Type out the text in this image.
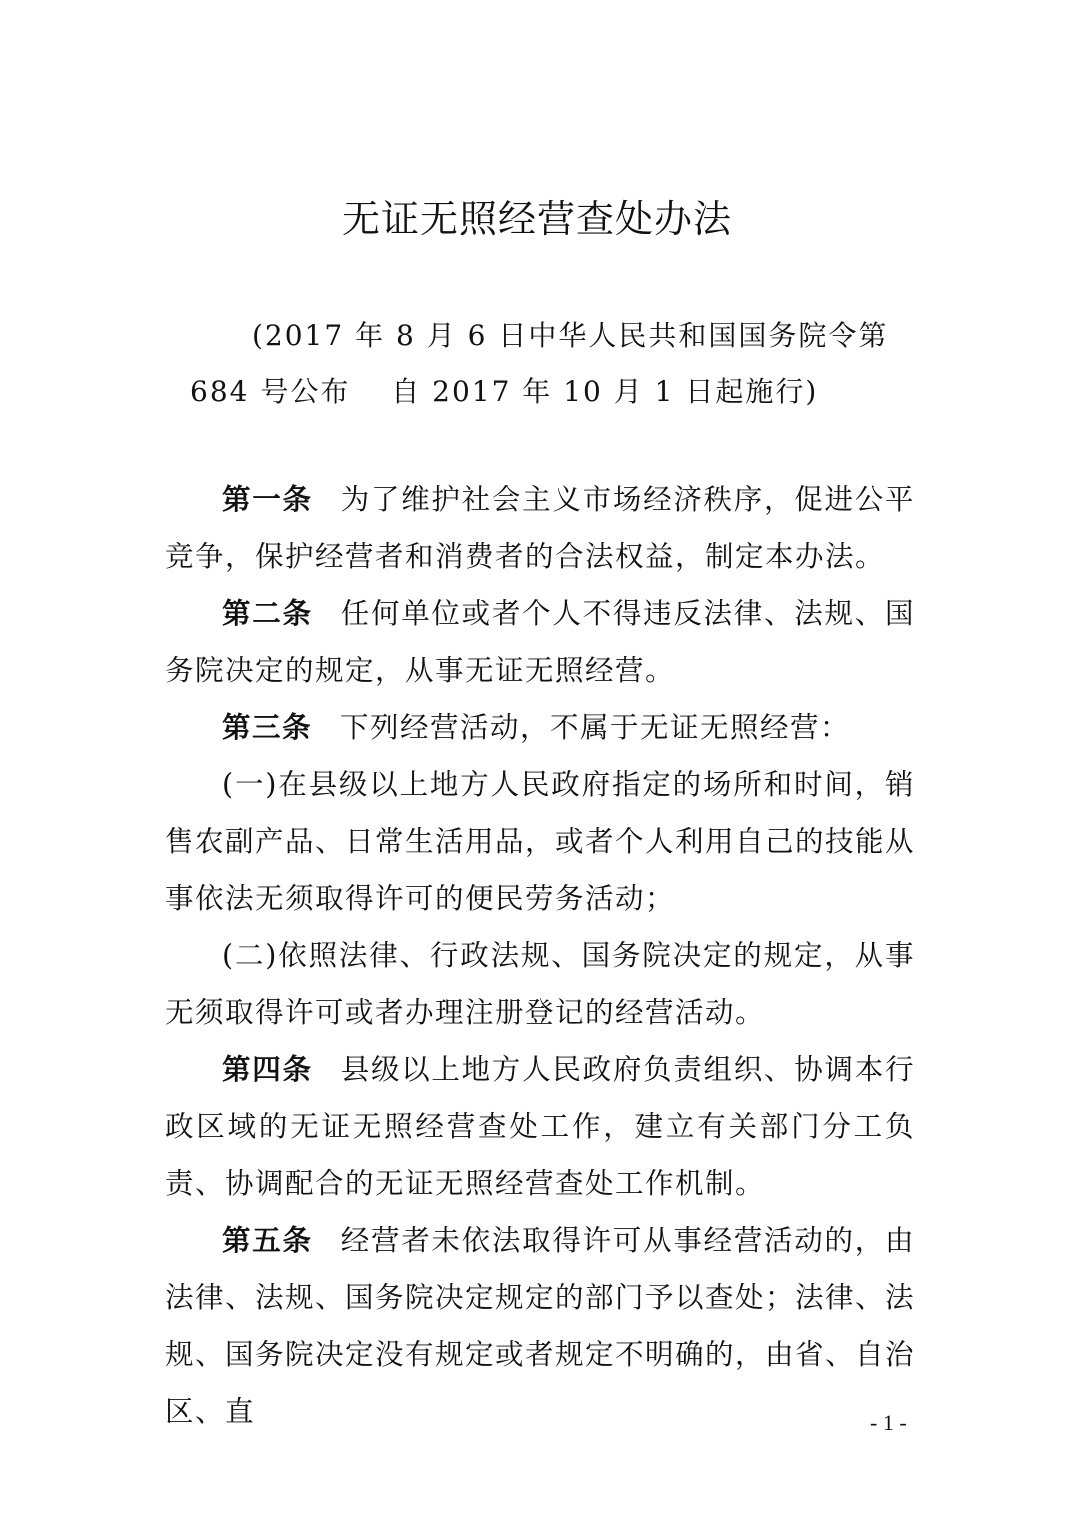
无证无照经营查处办法
(2017 年 8 月 6 日中华人民共和国国务院令第 684 号公布　 自 2017 年 10 月 1 日起施行)

第一条 为了维护社会主义市场经济秩序，促进公平竞争，保护经营者和消费者的合法权益，制定本办法。

第二条 任何单位或者个人不得违反法律、法规、国务院决定的规定，从事无证无照经营。

第三条 下列经营活动，不属于无证无照经营：

(一)在县级以上地方人民政府指定的场所和时间，销售农副产品、日常生活用品，或者个人利用自己的技能从事依法无须取得许可的便民劳务活动；

(二)依照法律、行政法规、国务院决定的规定，从事无须取得许可或者办理注册登记的经营活动。

第四条 县级以上地方人民政府负责组织、协调本行政区域的无证无照经营查处工作，建立有关部门分工负责、协调配合的无证无照经营查处工作机制。

第五条 经营者未依法取得许可从事经营活动的，由法律、法规、国务院决定规定的部门予以查处；法律、法规、国务院决定没有规定或者规定不明确的，由省、自治区、直	- 1 -
